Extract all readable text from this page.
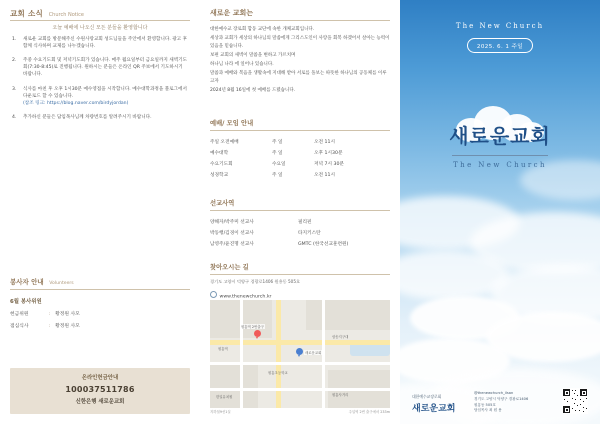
교회 소식 Church Notice
오늘 예배에 나오신 모든 분들을 환영합니다
1. 새로운 교회를 방문해주신 수원사랑교회 성도님들을 주안에서 환영합니다. 광고 후 함께 식사하며 교제를 나누겠습니다.
2. 주중 수요기도회 및 저녁기도회가 있습니다. 매주 월요일부터 금요일까지 새벽기도회(7:30-8:45)로 진행됩니다. 원하시는 분들은 온라인 QR 주보에서 기도하시기 바랍니다.
3. 식사를 마친 후 오후 1시30분 예수영접을 시작합니다. 예수대학과정을 블로그에서 다운로드 할 수 있습니다.
(참조 링크: https://blog.naver.com/birdyjordan)
4. 추가하신 분들은 담임목사님께 차량번호를 알려주시기 바랍니다.
봉사자 안내 Volunteers
6월 봉사위원
헌금위원	: 황정원 사모
점심식사	: 황정원 사모
온라인헌금안내
100037511786
신한은행 새로운교회
새로운 교회는

대한예수교 장로회 합동 교단에 속한 개체교회입니다.

세상과 교회가 세상의 하나님의 말씀에게 그리스도인이 사랑을 회복 하겠어서 살아는 능력이 있음을 믿습니다.

보편 교회의 새벽이 말씀을 변하고 가르치며

하나님 나라 에 일어나 있습니다.

말씀과 예배와 복음을 생활속에 지대해 받아 서로를 돌보는 따뜻한 하나님의 공동체를 이루고자

2024년 8월 16일에 첫 예배를 드렸습니다.

예배/ 모임 안내
주일 오전예배	주 일	오전 11시
예수대학	주 일	오후 1시30분
수요기도회	수요일	저녁 7시 30분
성경학교	주 일	오전 11시
선교사역
양해자/박주미 선교사	필리핀
박동행/김경이 선교사	타지키스탄
남영주/윤진명 선교사	GMTC (한국선교훈련원)
찾아오시는 길
경기도 고양시 덕양구 경광로1406 원흥동 505호
www.thenewchurch.kr

원흥역 2번출구
원흥역
새로운교회
원흥초등학교
삼송지구대
한일유치원	원흥사거리
지하철9선1실	주일역 2번 출구에서 233m
The New Church
2025. 6. 1 주일
새로운교회
The New Church
대한예수교장로회
새로운교회
@thenewchurch_ilsan
경기도 고양시 덕양구 경광로1406
원흥동 505호
담임목사 최 원 용
